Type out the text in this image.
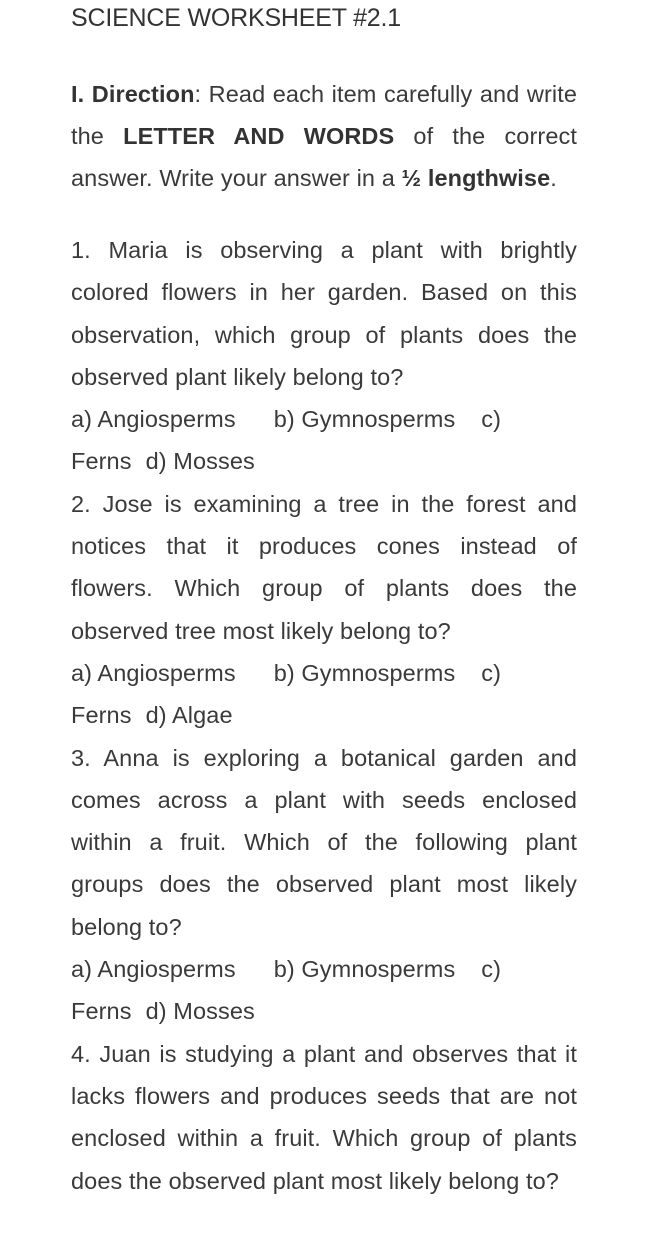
SCIENCE WORKSHEET #2.1
I. Direction: Read each item carefully and write the LETTER AND WORDS of the correct answer. Write your answer in a ½ lengthwise.

1. Maria is observing a plant with brightly colored flowers in her garden. Based on this observation, which group of plants does the observed plant likely belong to?

a) Angiosperms b) Gymnosperms c)
Ferns d) Mosses

2. Jose is examining a tree in the forest and notices that it produces cones instead of flowers. Which group of plants does the observed tree most likely belong to?

a) Angiosperms b) Gymnosperms c)
Ferns d) Algae

3. Anna is exploring a botanical garden and comes across a plant with seeds enclosed within a fruit. Which of the following plant groups does the observed plant most likely belong to?

a) Angiosperms b) Gymnosperms c)
Ferns d) Mosses

4. Juan is studying a plant and observes that it lacks flowers and produces seeds that are not enclosed within a fruit. Which group of plants does the observed plant most likely belong to?
